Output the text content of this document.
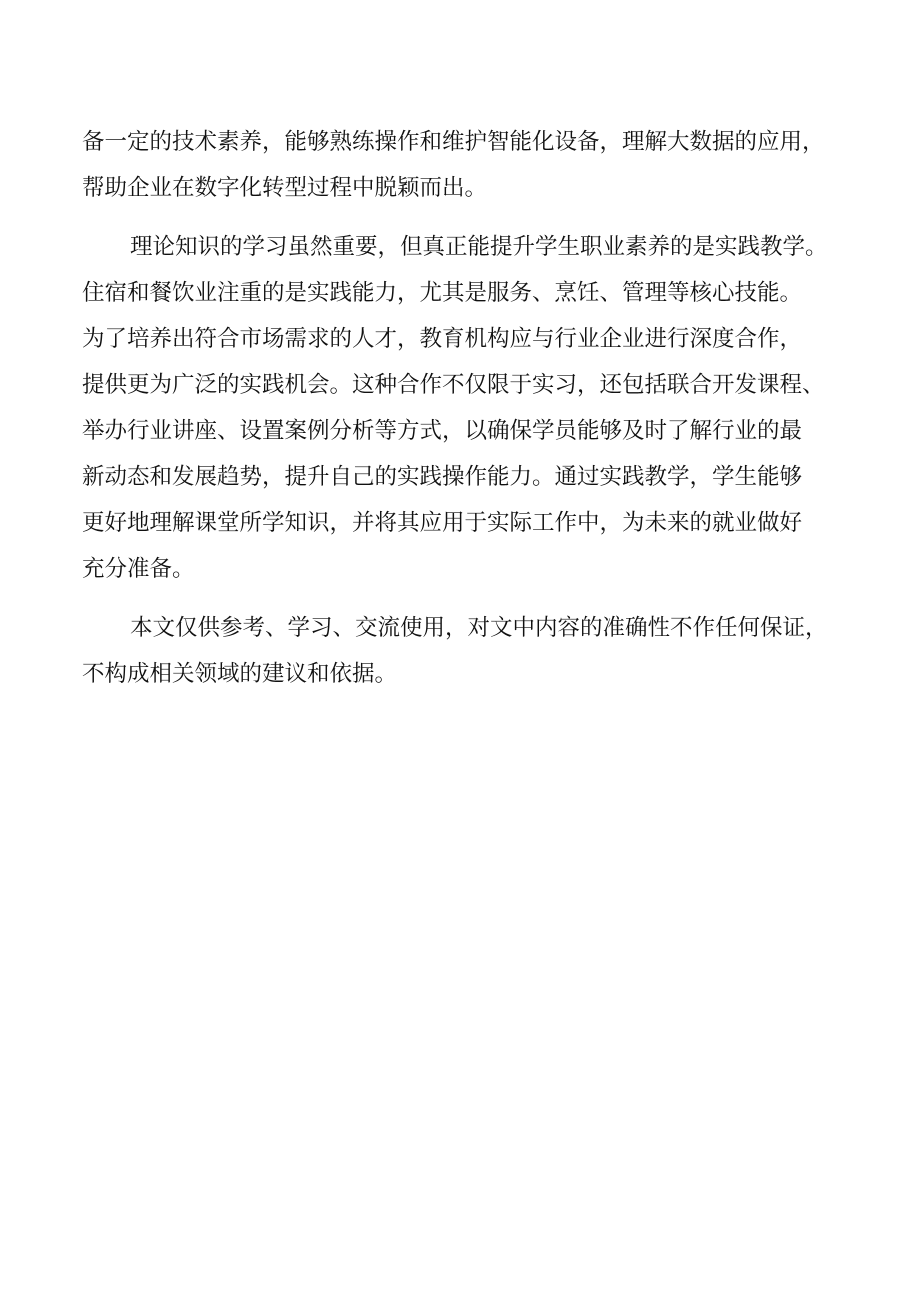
备一定的技术素养，能够熟练操作和维护智能化设备，理解大数据的应用，
帮助企业在数字化转型过程中脱颖而出。

理论知识的学习虽然重要，但真正能提升学生职业素养的是实践教学。
住宿和餐饮业注重的是实践能力，尤其是服务、烹饪、管理等核心技能。
为了培养出符合市场需求的人才，教育机构应与行业企业进行深度合作，
提供更为广泛的实践机会。这种合作不仅限于实习，还包括联合开发课程、
举办行业讲座、设置案例分析等方式，以确保学员能够及时了解行业的最
新动态和发展趋势，提升自己的实践操作能力。通过实践教学，学生能够
更好地理解课堂所学知识，并将其应用于实际工作中，为未来的就业做好
充分准备。

本文仅供参考、学习、交流使用，对文中内容的准确性不作任何保证，
不构成相关领域的建议和依据。
